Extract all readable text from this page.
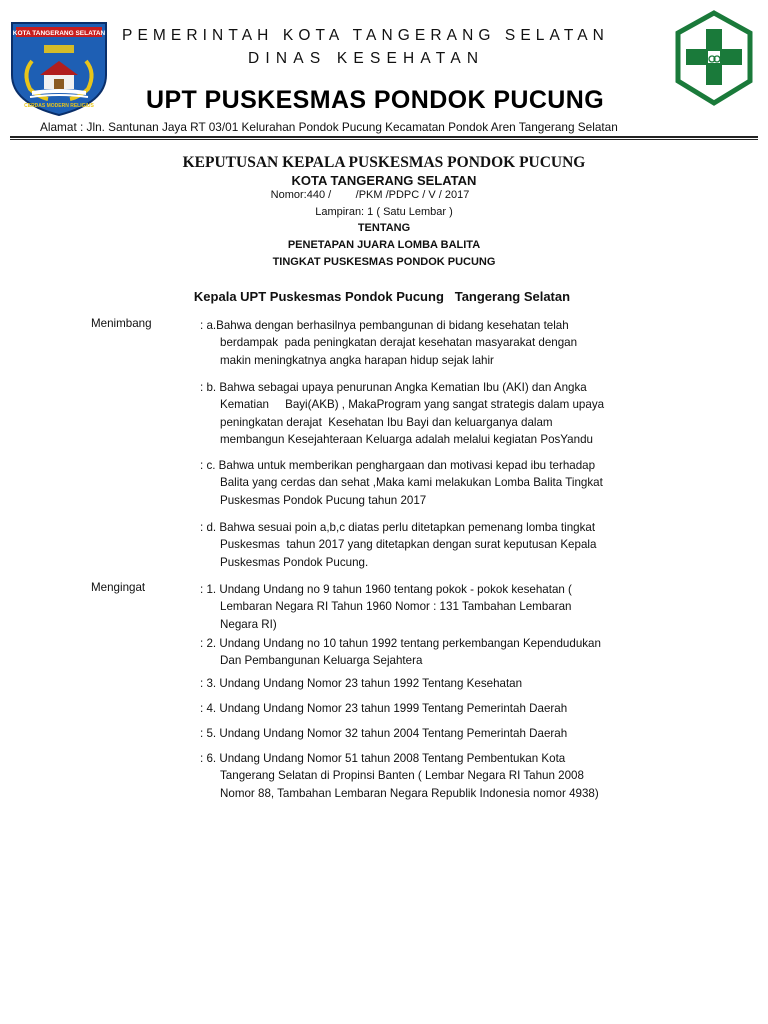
KOTA TANGERANG SELATAN
CERDAS MODERN RELIGIUS
PEMERINTAH KOTA TANGERANG SELATAN
DINAS KESEHATAN
UPT PUSKESMAS PONDOK PUCUNG
Alamat : Jln. Santunan Jaya RT 03/01 Kelurahan Pondok Pucung Kecamatan Pondok Aren Tangerang Selatan
KEPUTUSAN KEPALA PUSKESMAS PONDOK PUCUNG
KOTA TANGERANG SELATAN
Nomor:440 /        /PKM /PDPC / V / 2017
Lampiran: 1 ( Satu Lembar )
TENTANG
PENETAPAN JUARA LOMBA BALITA
TINGKAT PUSKESMAS PONDOK PUCUNG
Kepala UPT Puskesmas Pondok Pucung   Tangerang Selatan
Menimbang	: a.Bahwa dengan berhasilnya pembangunan di bidang kesehatan telah
berdampak  pada peningkatan derajat kesehatan masyarakat dengan
makin meningkatnya angka harapan hidup sejak lahir
: b. Bahwa sebagai upaya penurunan Angka Kematian Ibu (AKI) dan Angka
Kematian     Bayi(AKB) , MakaProgram yang sangat strategis dalam upaya
peningkatan derajat  Kesehatan Ibu Bayi dan keluarganya dalam
membangun Kesejahteraan Keluarga adalah melalui kegiatan PosYandu
: c. Bahwa untuk memberikan penghargaan dan motivasi kepad ibu terhadap
Balita yang cerdas dan sehat ,Maka kami melakukan Lomba Balita Tingkat
Puskesmas Pondok Pucung tahun 2017
: d. Bahwa sesuai poin a,b,c diatas perlu ditetapkan pemenang lomba tingkat
Puskesmas  tahun 2017 yang ditetapkan dengan surat keputusan Kepala
Puskesmas Pondok Pucung.
Mengingat	: 1. Undang Undang no 9 tahun 1960 tentang pokok - pokok kesehatan (
Lembaran Negara RI Tahun 1960 Nomor : 131 Tambahan Lembaran
Negara RI)
: 2. Undang Undang no 10 tahun 1992 tentang perkembangan Kependudukan
Dan Pembangunan Keluarga Sejahtera
: 3. Undang Undang Nomor 23 tahun 1992 Tentang Kesehatan
: 4. Undang Undang Nomor 23 tahun 1999 Tentang Pemerintah Daerah
: 5. Undang Undang Nomor 32 tahun 2004 Tentang Pemerintah Daerah
: 6. Undang Undang Nomor 51 tahun 2008 Tentang Pembentukan Kota
Tangerang Selatan di Propinsi Banten ( Lembar Negara RI Tahun 2008
Nomor 88, Tambahan Lembaran Negara Republik Indonesia nomor 4938)
